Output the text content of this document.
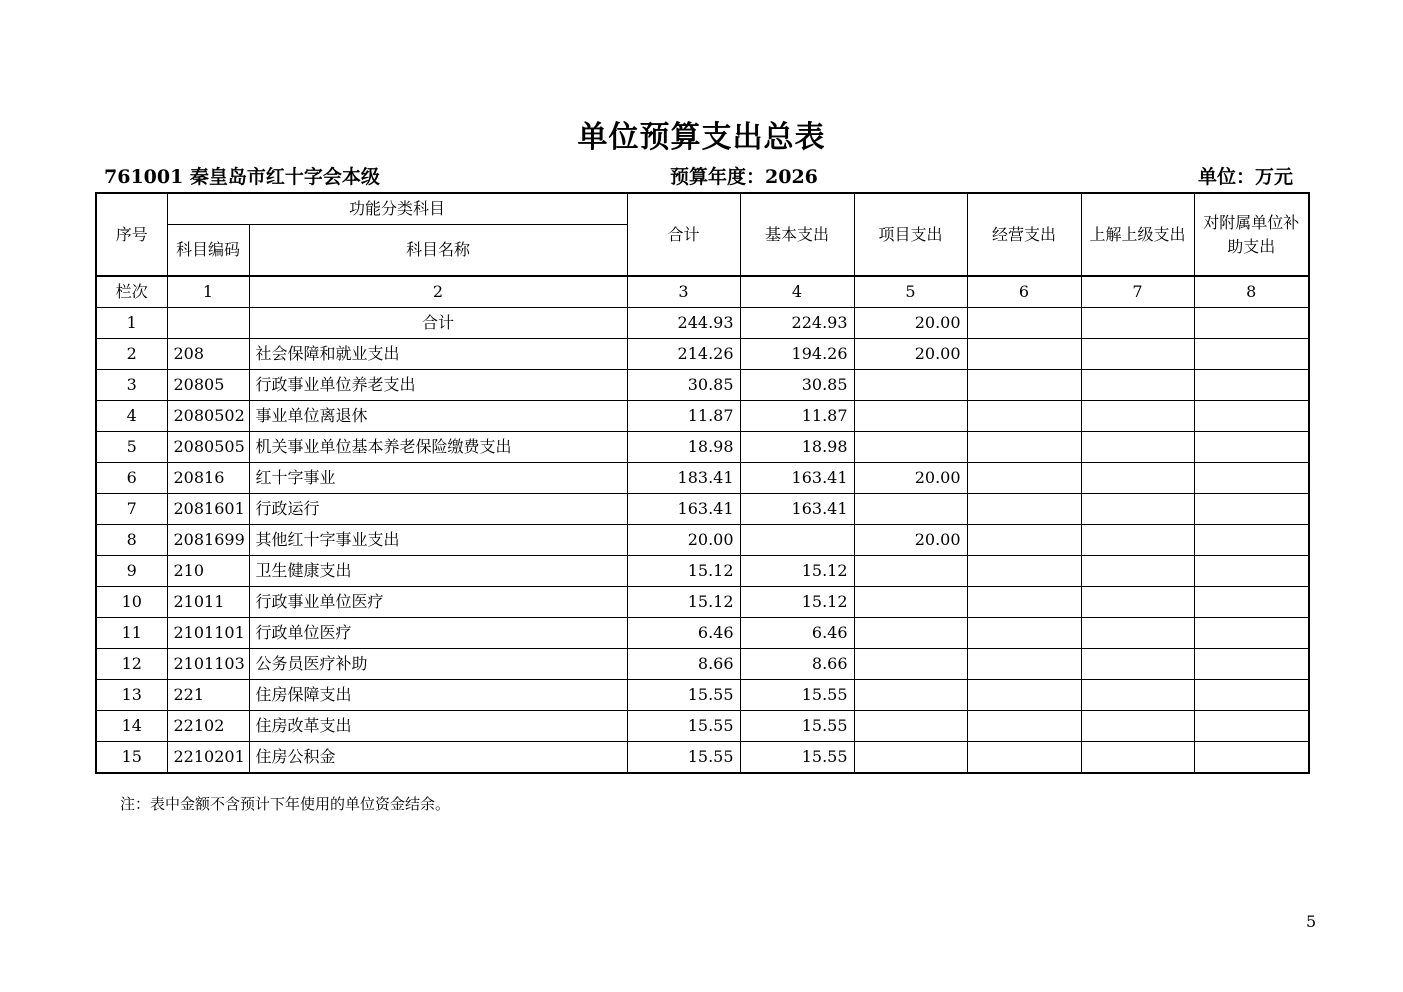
单位预算支出总表
761001 秦皇岛市红十字会本级	预算年度：2026	单位：万元
序号	功能分类科目		合计	基本支出	项目支出	经营支出	上解上级支出	对附属单位补助支出
	科目编码	科目名称						
栏次	1	2	3	4	5	6	7	8
1		合计	244.93	224.93	20.00			
2	208	社会保障和就业支出	214.26	194.26	20.00			
3	20805	行政事业单位养老支出	30.85	30.85				
4	2080502	事业单位离退休	11.87	11.87				
5	2080505	机关事业单位基本养老保险缴费支出	18.98	18.98				
6	20816	红十字事业	183.41	163.41	20.00			
7	2081601	行政运行	163.41	163.41				
8	2081699	其他红十字事业支出	20.00		20.00			
9	210	卫生健康支出	15.12	15.12				
10	21011	行政事业单位医疗	15.12	15.12				
11	2101101	行政单位医疗	6.46	6.46				
12	2101103	公务员医疗补助	8.66	8.66				
13	221	住房保障支出	15.55	15.55				
14	22102	住房改革支出	15.55	15.55				
15	2210201	住房公积金	15.55	15.55				
注：表中金额不含预计下年使用的单位资金结余。
5
